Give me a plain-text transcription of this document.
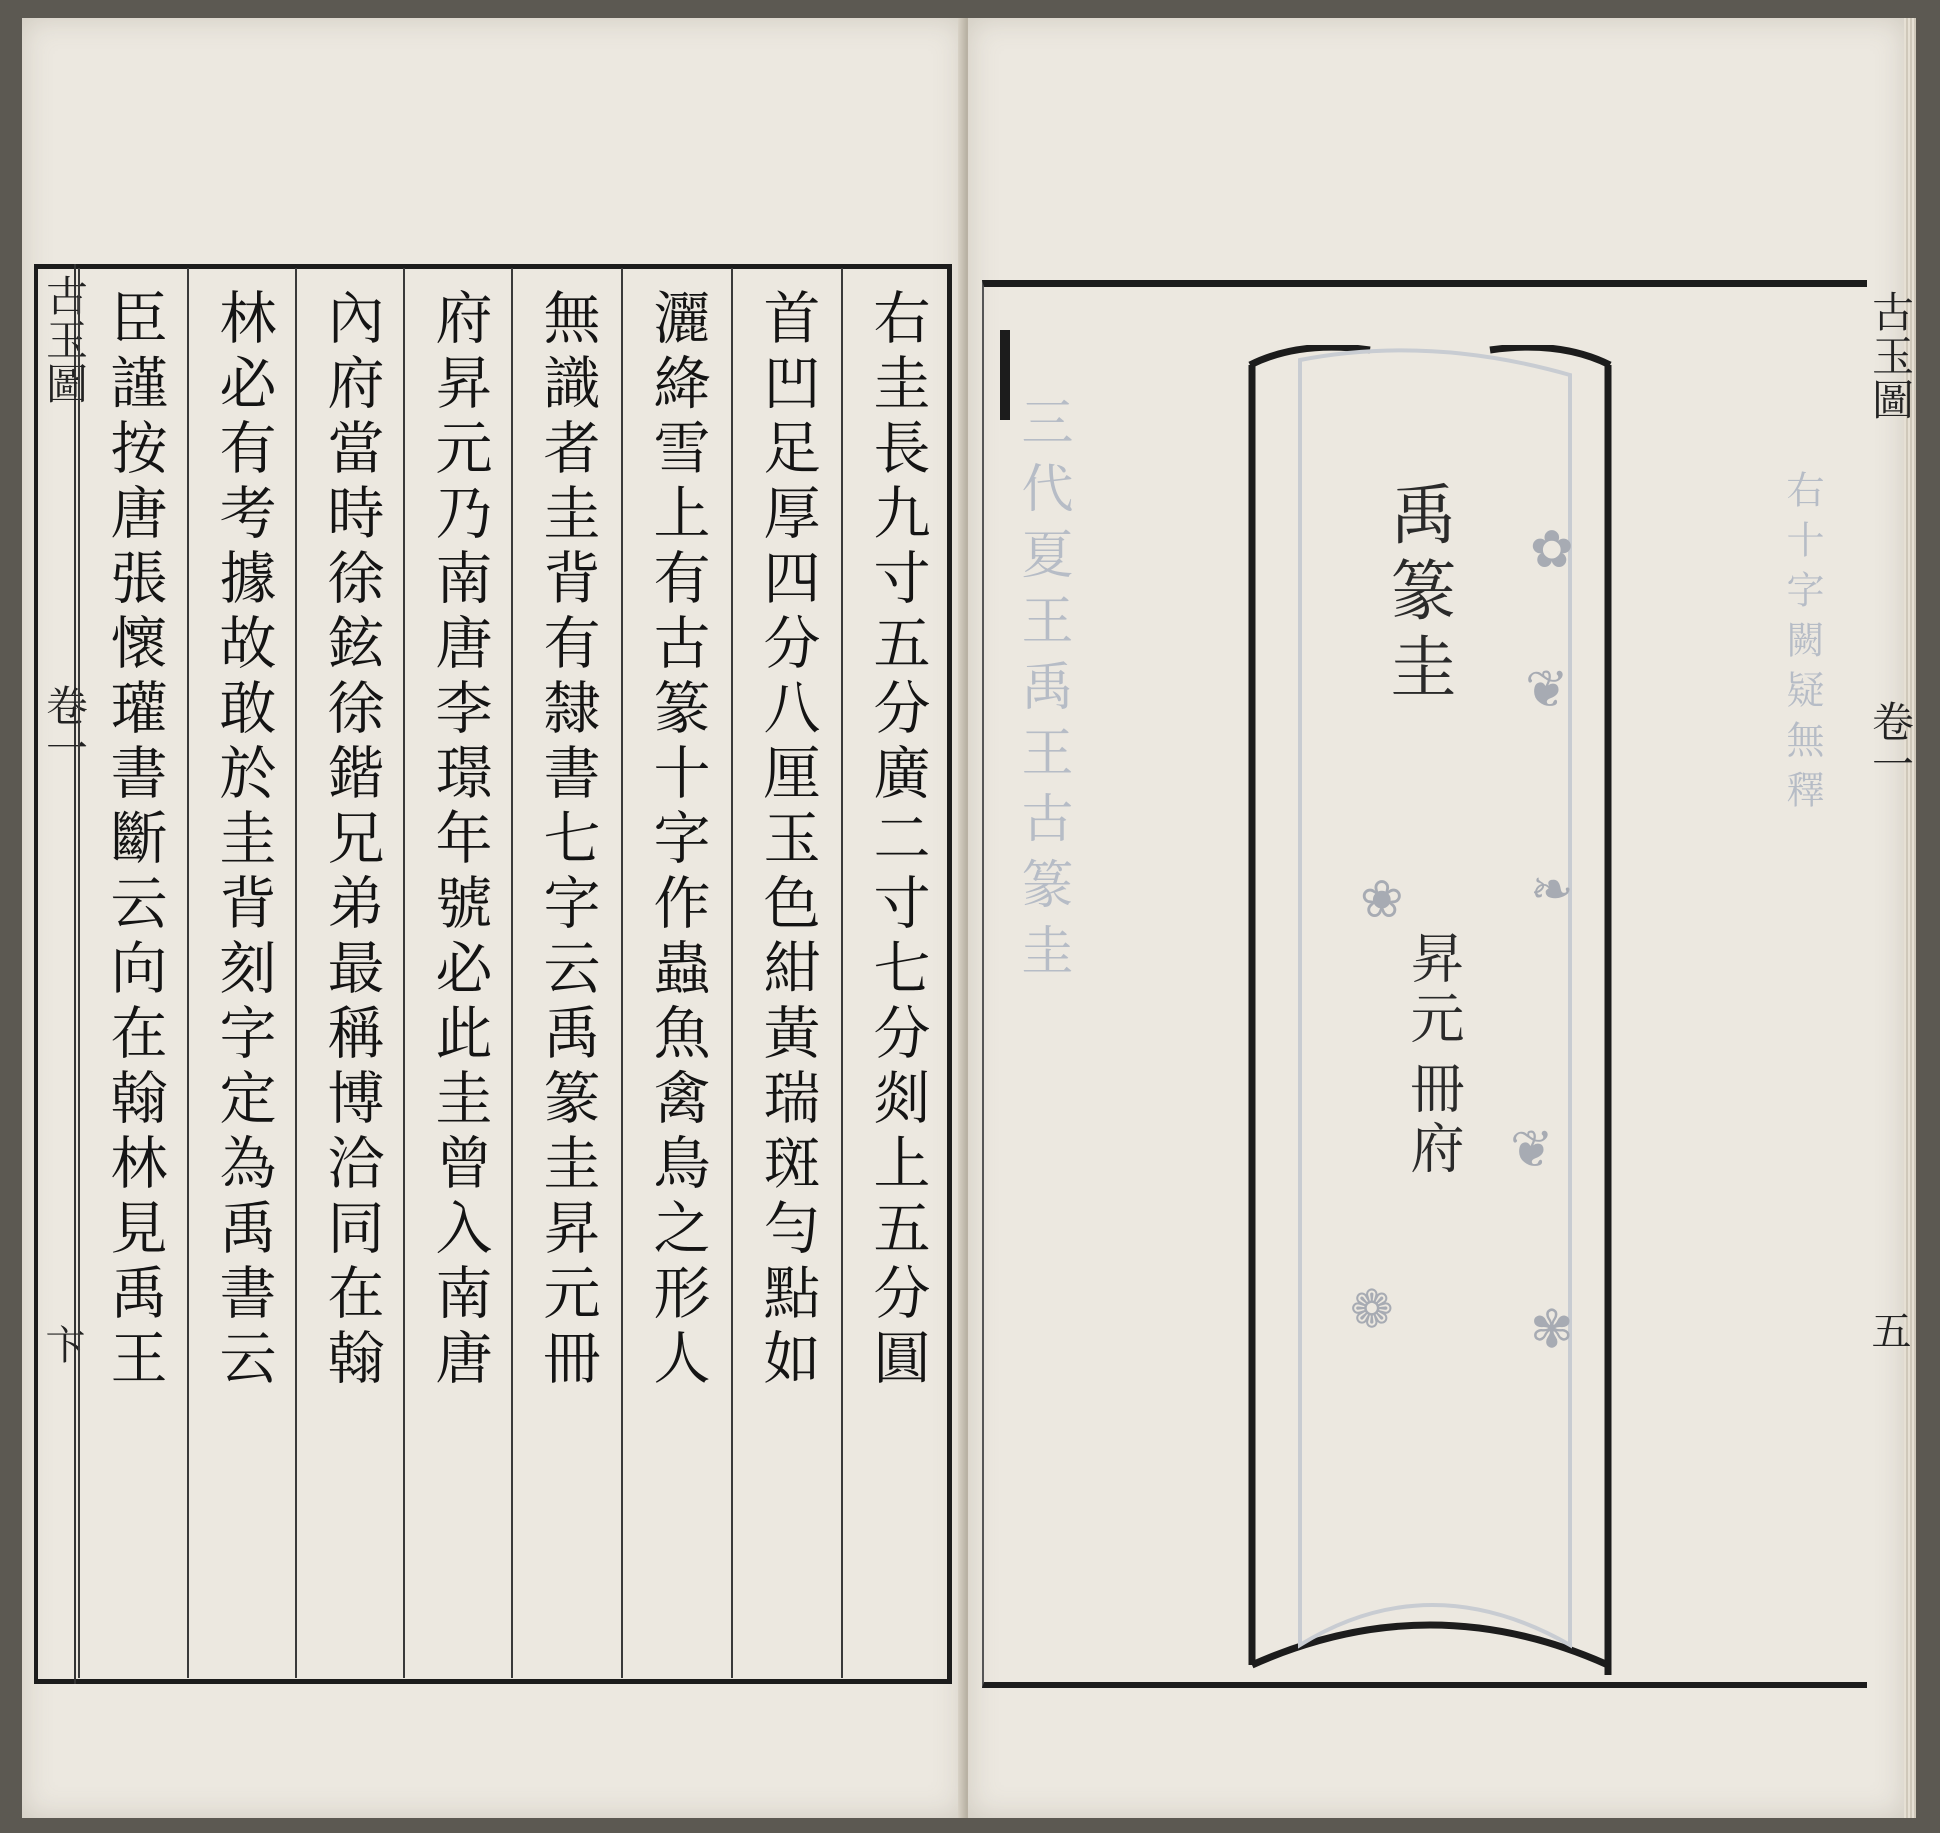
古玉圖
卷一
卞	右圭長九寸五分廣二寸七分剡上五分圓
首凹足厚四分八厘玉色紺黃瑞斑勻點如
灑絳雪上有古篆十字作蟲魚禽鳥之形人
無識者圭背有隸書七字云禹篆圭昇元冊
府昇元乃南唐李璟年號必此圭曾入南唐
內府當時徐鉉徐鍇兄弟最稱博洽同在翰
林必有考據故敢於圭背刻字定為禹書云
臣謹按唐張懷瓘書斷云向在翰林見禹王	三代夏王禹王古篆圭	右十字闕疑無釋
禹篆圭
昇元
冊府
✿
❦
❧
❦
✾
❀
❁
古玉圖
卷一
五
